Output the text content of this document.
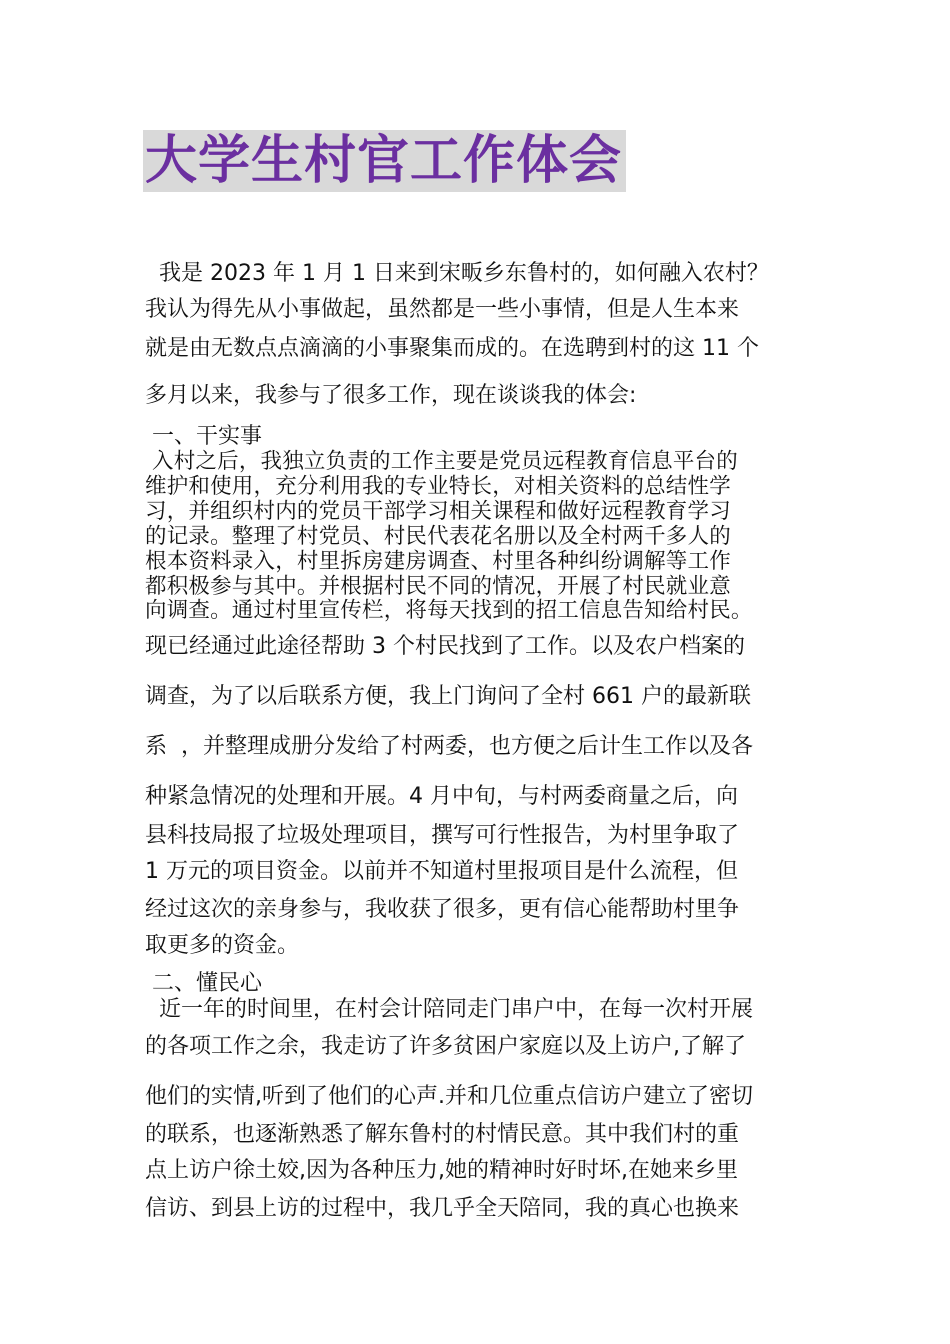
大学生村官工作体会
我是 2023 年 1 月 1 日来到宋畈乡东鲁村的，如何融入农村？
我认为得先从小事做起，虽然都是一些小事情，但是人生本来
就是由无数点点滴滴的小事聚集而成的。在选聘到村的这 11 个
多月以来，我参与了很多工作，现在谈谈我的体会:
一、干实事
入村之后，我独立负责的工作主要是党员远程教育信息平台的
维护和使用，充分利用我的专业特长，对相关资料的总结性学
习，并组织村内的党员干部学习相关课程和做好远程教育学习
的记录。整理了村党员、村民代表花名册以及全村两千多人的
根本资料录入，村里拆房建房调查、村里各种纠纷调解等工作
都积极参与其中。并根据村民不同的情况，开展了村民就业意
向调查。通过村里宣传栏，将每天找到的招工信息告知给村民。
现已经通过此途径帮助 3 个村民找到了工作。以及农户档案的
调查，为了以后联系方便，我上门询问了全村 661 户的最新联
系  ，并整理成册分发给了村两委，也方便之后计生工作以及各
种紧急情况的处理和开展。4 月中旬，与村两委商量之后，向
县科技局报了垃圾处理项目，撰写可行性报告，为村里争取了
1 万元的项目资金。以前并不知道村里报项目是什么流程，但
经过这次的亲身参与，我收获了很多，更有信心能帮助村里争
取更多的资金。
二、懂民心
近一年的时间里，在村会计陪同走门串户中，在每一次村开展
的各项工作之余，我走访了许多贫困户家庭以及上访户,了解了
他们的实情,听到了他们的心声.并和几位重点信访户建立了密切
的联系，也逐渐熟悉了解东鲁村的村情民意。其中我们村的重
点上访户徐土姣,因为各种压力,她的精神时好时坏,在她来乡里
信访、到县上访的过程中，我几乎全天陪同，我的真心也换来
